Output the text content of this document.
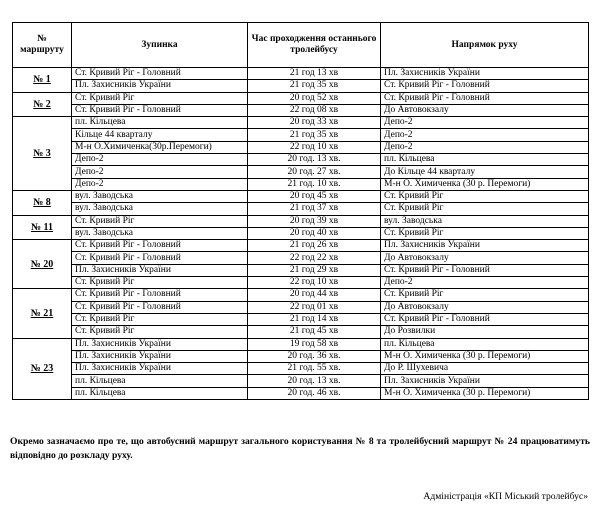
№ маршруту	Зупинка	Час проходження останнього тролейбусу	Напрямок руху
№ 1	Ст. Кривий Ріг - Головний	21 год 13 хв	Пл. Захисників України
	Пл. Захисників України	21 год 35 хв	Ст. Кривий Ріг - Головний
№ 2	Ст. Кривий Ріг	20 год 52 хв	Ст. Кривий Ріг - Головний
	Ст. Кривий Ріг - Головний	22 год 08 хв	До Автовокзалу
№ 3	пл. Кільцева	20 год 33 хв	Депо-2
	Кільце 44 кварталу	21 год 35 хв	Депо-2
	М-н О.Химиченка(30р.Перемоги)	22 год 10 хв	Депо-2
	Депо-2	20 год. 13 хв.	пл. Кільцева
	Депо-2	20 год. 27 хв.	До Кільце 44 кварталу
	Депо-2	21 год. 10 хв.	М-н О. Химиченка (30 р. Перемоги)
№ 8	вул. Заводська	20 год 45 хв	Ст. Кривий Ріг
	вул. Заводська	21 год 37 хв	Ст. Кривий Ріг
№ 11	Ст. Кривий Ріг	20 год 39 хв	вул. Заводська
	вул. Заводська	20 год 40 хв	Ст. Кривий Ріг
№ 20	Ст. Кривий Ріг - Головний	21 год 26 хв	Пл. Захисників України
	Ст. Кривий Ріг - Головний	22 год 22 хв	До Автовокзалу
	Пл. Захисників України	21 год 29 хв	Ст. Кривий Ріг - Головний
	Ст. Кривий Ріг	22 год 10 хв	Депо-2
№ 21	Ст. Кривий Ріг - Головний	20 год 44 хв	Ст. Кривий Ріг
	Ст. Кривий Ріг - Головний	22 год 01 хв	До Автовокзалу
	Ст. Кривий Ріг	21 год 14 хв	Ст. Кривий Ріг - Головний
	Ст. Кривий Ріг	21 год 45 хв	До Розвилки
№ 23	Пл. Захисників України	19 год 58 хв	пл. Кільцева
	Пл. Захисників України	20 год. 36 хв.	М-н О. Химиченка (30 р. Перемоги)
	Пл. Захисників України	21 год. 55 хв.	До Р. Шухевича
	пл. Кільцева	20 год. 13 хв.	Пл. Захисників України
	пл. Кільцева	20 год. 46 хв.	М-н О. Химиченка (30 р. Перемоги)
Окремо зазначаємо про те, що автобусний маршрут загального користування № 8 та тролейбусний маршрут № 24 працюватимуть відповідно до розкладу руху.
Адміністрація «КП Міський тролейбус»
